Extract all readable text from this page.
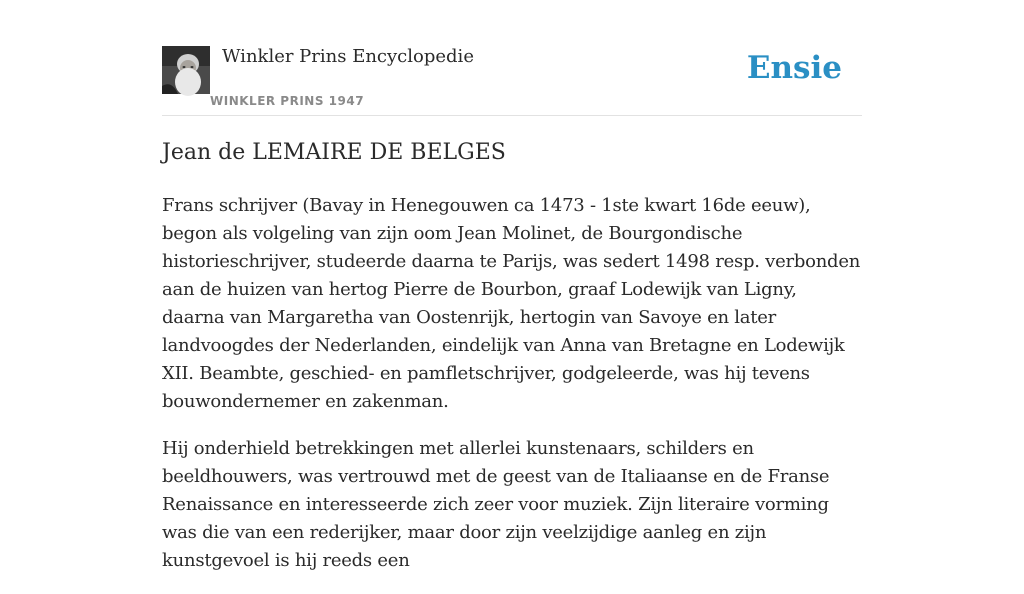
Winkler Prins Encyclopedie
WINKLER PRINS 1947
Ensie
Jean de LEMAIRE DE BELGES

Frans schrijver (Bavay in Henegouwen ca 1473 - 1ste kwart 16de eeuw), begon als volgeling van zijn oom Jean Molinet, de Bourgondische historieschrijver, studeerde daarna te Parijs, was sedert 1498 resp. verbonden aan de huizen van hertog Pierre de Bourbon, graaf Lodewijk van Ligny, daarna van Margaretha van Oostenrijk, hertogin van Savoye en later landvoogdes der Nederlanden, eindelijk van Anna van Bretagne en Lodewijk XII. Beambte, geschied- en pamfletschrijver, godgeleerde, was hij tevens bouwondernemer en zakenman.

Hij onderhield betrekkingen met allerlei kunstenaars, schilders en beeldhouwers, was vertrouwd met de geest van de Italiaanse en de Franse Renaissance en interesseerde zich zeer voor muziek. Zijn literaire vorming was die van een rederijker, maar door zijn veelzijdige aanleg en zijn kunstgevoel is hij reeds een
